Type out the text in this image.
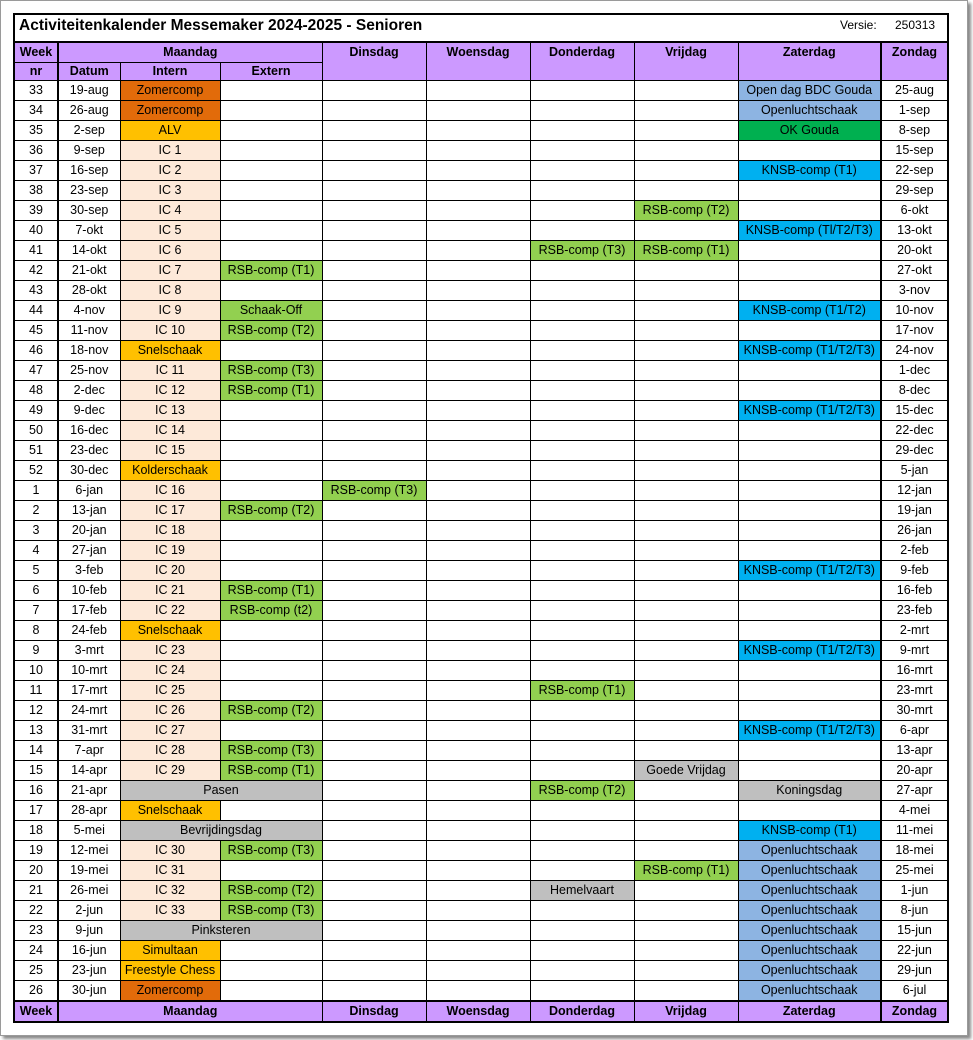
Activiteitenkalender Messemaker 2024-2025 - Senioren	Versie: 250313
Week	Maandag			Dinsdag	Woensdag	Donderdag	Vrijdag	Zaterdag	Zondag
nr	Datum	Intern	Extern						
33	19-aug	Zomercomp						Open dag BDC Gouda	25-aug
34	26-aug	Zomercomp						Openluchtschaak	1-sep
35	2-sep	ALV						OK Gouda	8-sep
36	9-sep	IC 1							15-sep
37	16-sep	IC 2						KNSB-comp (T1)	22-sep
38	23-sep	IC 3							29-sep
39	30-sep	IC 4					RSB-comp (T2)		6-okt
40	7-okt	IC 5						KNSB-comp (Tl/T2/T3)	13-okt
41	14-okt	IC 6				RSB-comp (T3)	RSB-comp (T1)		20-okt
42	21-okt	IC 7	RSB-comp (T1)						27-okt
43	28-okt	IC 8							3-nov
44	4-nov	IC 9	Schaak-Off					KNSB-comp (T1/T2)	10-nov
45	11-nov	IC 10	RSB-comp (T2)						17-nov
46	18-nov	Snelschaak						KNSB-comp (T1/T2/T3)	24-nov
47	25-nov	IC 11	RSB-comp (T3)						1-dec
48	2-dec	IC 12	RSB-comp (T1)						8-dec
49	9-dec	IC 13						KNSB-comp (T1/T2/T3)	15-dec
50	16-dec	IC 14							22-dec
51	23-dec	IC 15							29-dec
52	30-dec	Kolderschaak							5-jan
1	6-jan	IC 16		RSB-comp (T3)					12-jan
2	13-jan	IC 17	RSB-comp (T2)						19-jan
3	20-jan	IC 18							26-jan
4	27-jan	IC 19							2-feb
5	3-feb	IC 20						KNSB-comp (T1/T2/T3)	9-feb
6	10-feb	IC 21	RSB-comp (T1)						16-feb
7	17-feb	IC 22	RSB-comp (t2)						23-feb
8	24-feb	Snelschaak							2-mrt
9	3-mrt	IC 23						KNSB-comp (T1/T2/T3)	9-mrt
10	10-mrt	IC 24							16-mrt
11	17-mrt	IC 25				RSB-comp (T1)			23-mrt
12	24-mrt	IC 26	RSB-comp (T2)						30-mrt
13	31-mrt	IC 27						KNSB-comp (T1/T2/T3)	6-apr
14	7-apr	IC 28	RSB-comp (T3)						13-apr
15	14-apr	IC 29	RSB-comp (T1)				Goede Vrijdag		20-apr
16	21-apr	Pasen				RSB-comp (T2)		Koningsdag	27-apr
17	28-apr	Snelschaak							4-mei
18	5-mei	Bevrijdingsdag						KNSB-comp (T1)	11-mei
19	12-mei	IC 30	RSB-comp (T3)					Openluchtschaak	18-mei
20	19-mei	IC 31					RSB-comp (T1)	Openluchtschaak	25-mei
21	26-mei	IC 32	RSB-comp (T2)			Hemelvaart		Openluchtschaak	1-jun
22	2-jun	IC 33	RSB-comp (T3)					Openluchtschaak	8-jun
23	9-jun	Pinksteren						Openluchtschaak	15-jun
24	16-jun	Simultaan						Openluchtschaak	22-jun
25	23-jun	Freestyle Chess						Openluchtschaak	29-jun
26	30-jun	Zomercomp						Openluchtschaak	6-jul
Week	Maandag			Dinsdag	Woensdag	Donderdag	Vrijdag	Zaterdag	Zondag
